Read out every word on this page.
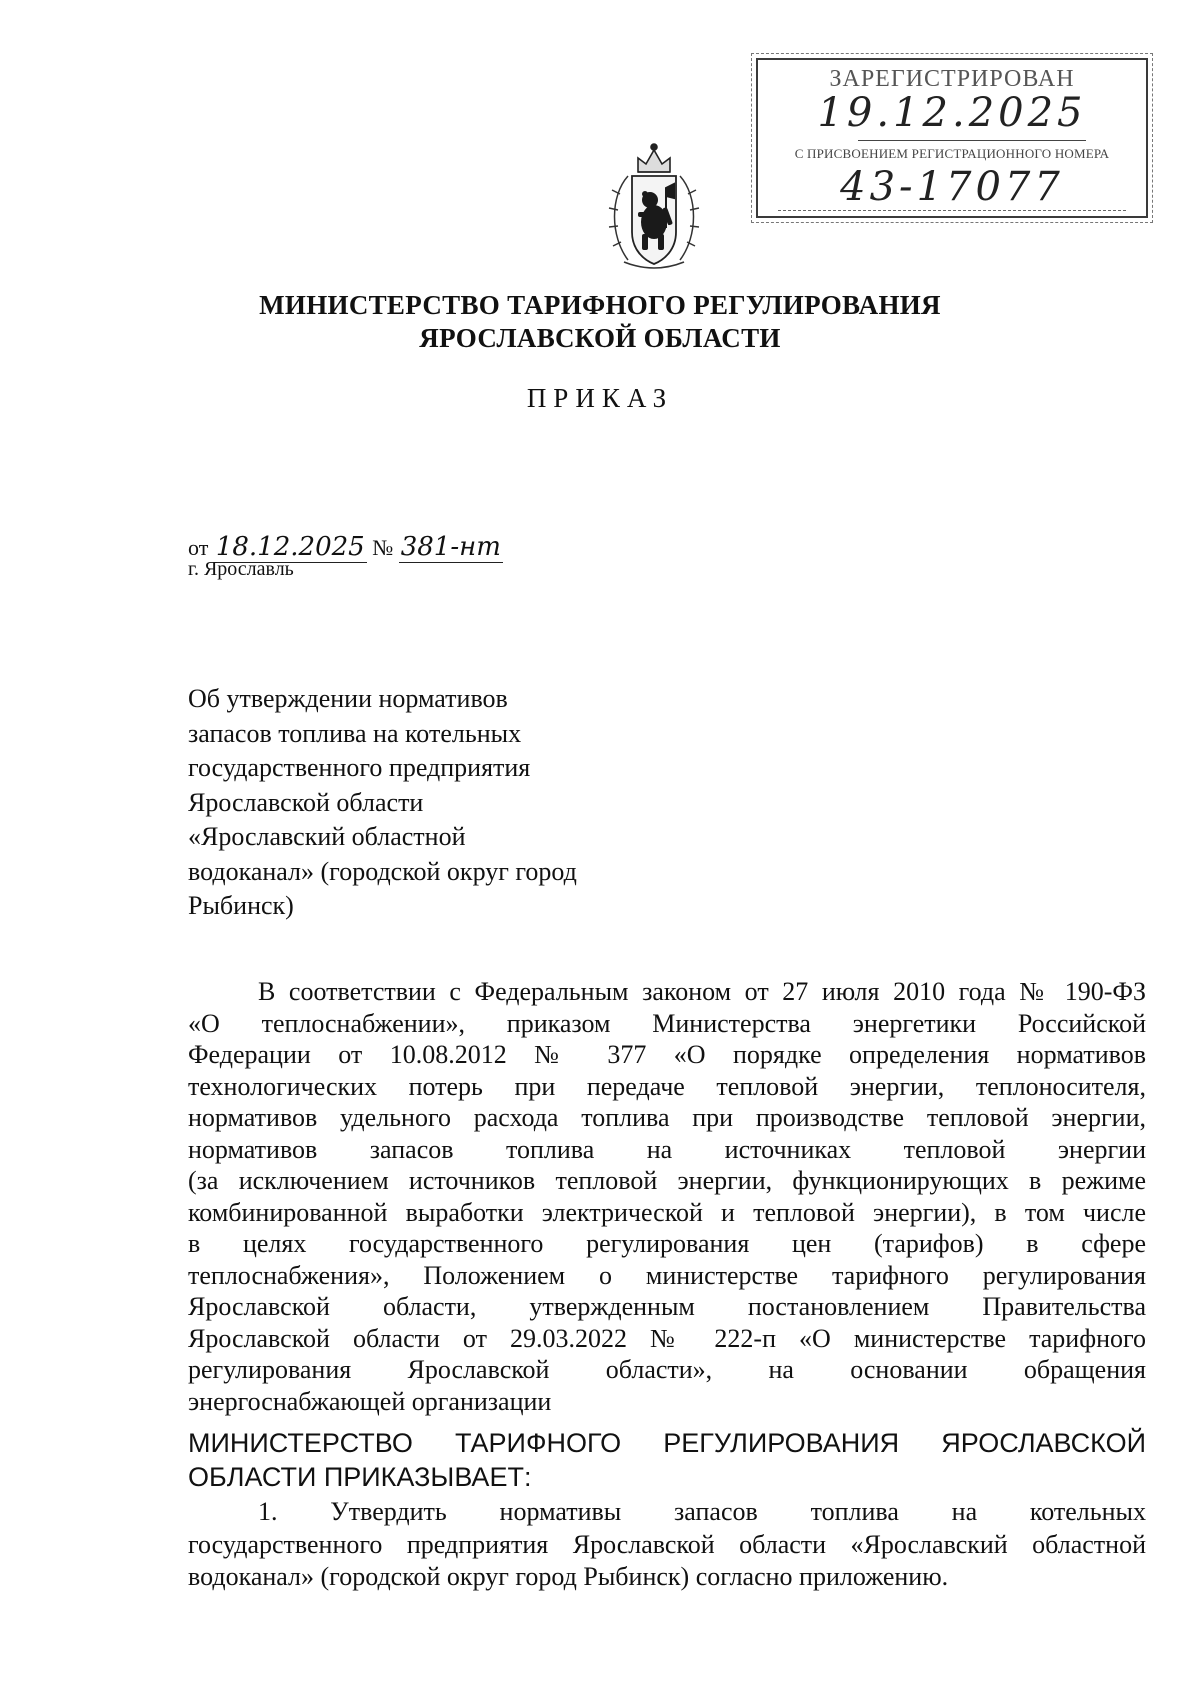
ЗАРЕГИСТРИРОВАН
19.12.2025
С ПРИСВОЕНИЕМ РЕГИСТРАЦИОННОГО НОМЕРА
43-17077
МИНИСТЕРСТВО ТАРИФНОГО РЕГУЛИРОВАНИЯ
ЯРОСЛАВСКОЙ ОБЛАСТИ
ПРИКАЗ
от 18.12.2025 № 381-нт
г. Ярославль
Об утверждении нормативов
запасов топлива на котельных
государственного предприятия
Ярославской области
«Ярославский областной
водоканал» (городской округ город
Рыбинск)
В соответствии с Федеральным законом от 27 июля 2010 года № 190-ФЗ
«О теплоснабжении», приказом Министерства энергетики Российской
Федерации от 10.08.2012 № 377 «О порядке определения нормативов
технологических потерь при передаче тепловой энергии, теплоносителя,
нормативов удельного расхода топлива при производстве тепловой энергии,
нормативов запасов топлива на источниках тепловой энергии
(за исключением источников тепловой энергии, функционирующих в режиме
комбинированной выработки электрической и тепловой энергии), в том числе
в целях государственного регулирования цен (тарифов) в сфере
теплоснабжения», Положением о министерстве тарифного регулирования
Ярославской области, утвержденным постановлением Правительства
Ярославской области от 29.03.2022 № 222-п «О министерстве тарифного
регулирования Ярославской области», на основании обращения
энергоснабжающей организации
МИНИСТЕРСТВО ТАРИФНОГО РЕГУЛИРОВАНИЯ ЯРОСЛАВСКОЙ
ОБЛАСТИ ПРИКАЗЫВАЕТ:
1. Утвердить нормативы запасов топлива на котельных
государственного предприятия Ярославской области «Ярославский областной
водоканал» (городской округ город Рыбинск) согласно приложению.
